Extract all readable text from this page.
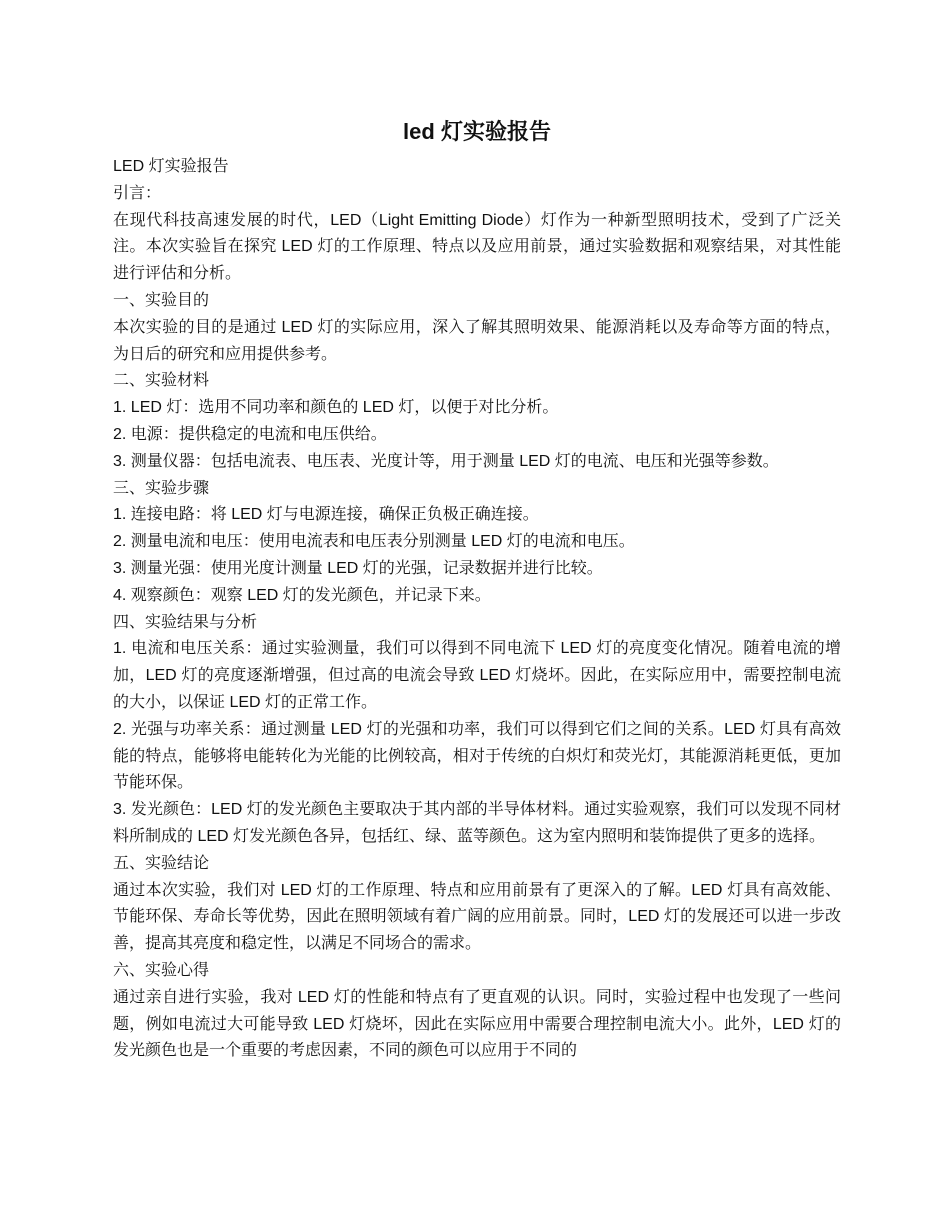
led 灯实验报告

LED 灯实验报告

引言：

在现代科技高速发展的时代，LED（Light Emitting Diode）灯作为一种新型照明技术，受到了广泛关注。本次实验旨在探究 LED 灯的工作原理、特点以及应用前景，通过实验数据和观察结果，对其性能进行评估和分析。

一、实验目的

本次实验的目的是通过 LED 灯的实际应用，深入了解其照明效果、能源消耗以及寿命等方面的特点，为日后的研究和应用提供参考。

二、实验材料

1. LED 灯：选用不同功率和颜色的 LED 灯，以便于对比分析。

2. 电源：提供稳定的电流和电压供给。

3. 测量仪器：包括电流表、电压表、光度计等，用于测量 LED 灯的电流、电压和光强等参数。

三、实验步骤

1. 连接电路：将 LED 灯与电源连接，确保正负极正确连接。

2. 测量电流和电压：使用电流表和电压表分别测量 LED 灯的电流和电压。

3. 测量光强：使用光度计测量 LED 灯的光强，记录数据并进行比较。

4. 观察颜色：观察 LED 灯的发光颜色，并记录下来。

四、实验结果与分析

1. 电流和电压关系：通过实验测量，我们可以得到不同电流下 LED 灯的亮度变化情况。随着电流的增加，LED 灯的亮度逐渐增强，但过高的电流会导致 LED 灯烧坏。因此，在实际应用中，需要控制电流的大小，以保证 LED 灯的正常工作。

2. 光强与功率关系：通过测量 LED 灯的光强和功率，我们可以得到它们之间的关系。LED 灯具有高效能的特点，能够将电能转化为光能的比例较高，相对于传统的白炽灯和荧光灯，其能源消耗更低，更加节能环保。

3. 发光颜色：LED 灯的发光颜色主要取决于其内部的半导体材料。通过实验观察，我们可以发现不同材料所制成的 LED 灯发光颜色各异，包括红、绿、蓝等颜色。这为室内照明和装饰提供了更多的选择。

五、实验结论

通过本次实验，我们对 LED 灯的工作原理、特点和应用前景有了更深入的了解。LED 灯具有高效能、节能环保、寿命长等优势，因此在照明领域有着广阔的应用前景。同时，LED 灯的发展还可以进一步改善，提高其亮度和稳定性，以满足不同场合的需求。

六、实验心得

通过亲自进行实验，我对 LED 灯的性能和特点有了更直观的认识。同时，实验过程中也发现了一些问题，例如电流过大可能导致 LED 灯烧坏，因此在实际应用中需要合理控制电流大小。此外，LED 灯的发光颜色也是一个重要的考虑因素，不同的颜色可以应用于不同的
